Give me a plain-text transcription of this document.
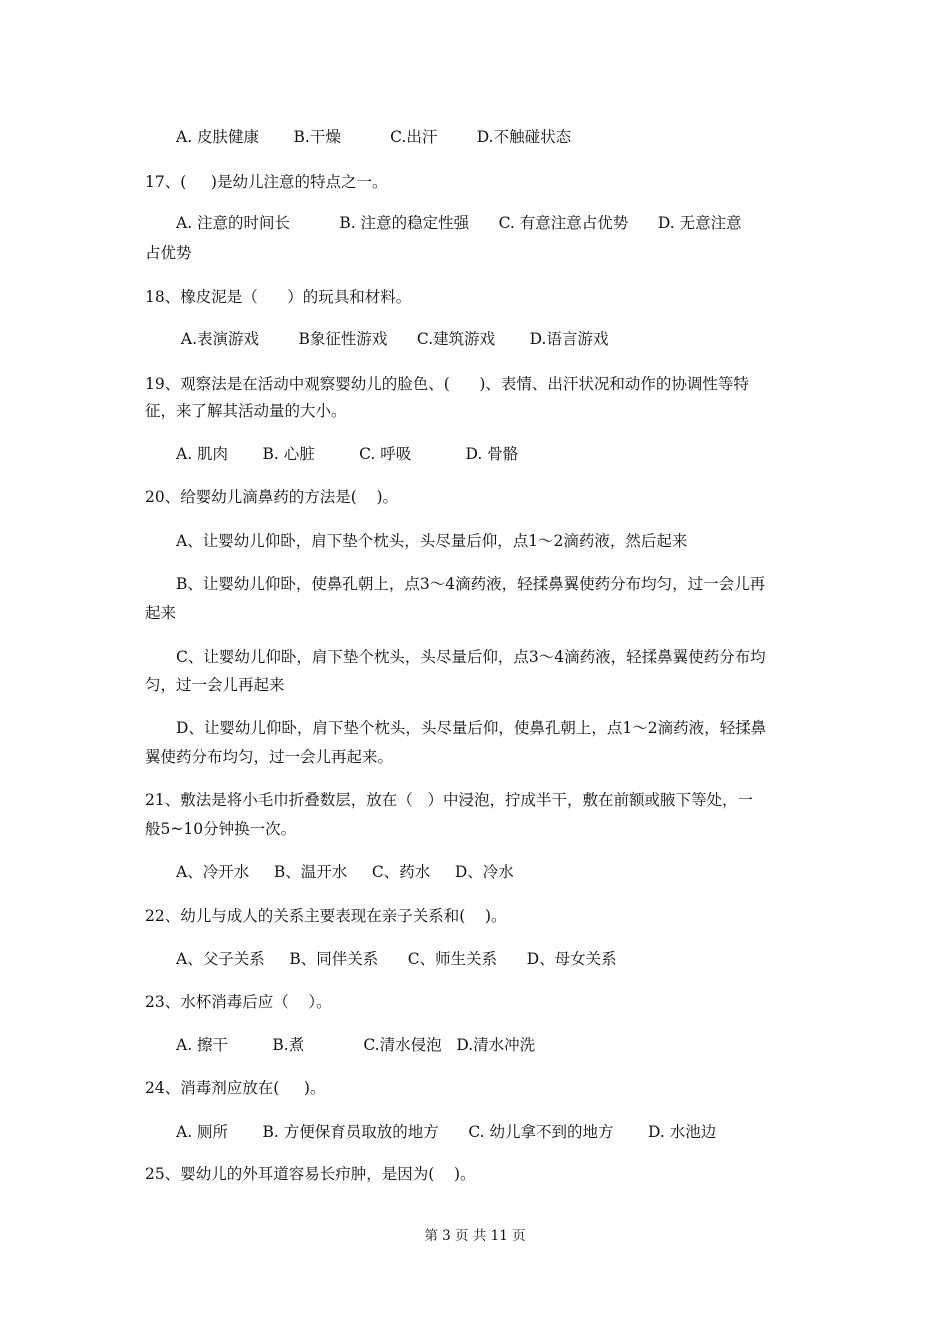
A. 皮肤健康       B.干燥          C.出汗        D.不触碰状态
17、(     )是幼儿注意的特点之一。
A. 注意的时间长          B. 注意的稳定性强      C. 有意注意占优势      D. 无意注意
占优势
18、橡皮泥是（      ）的玩具和材料。
A.表演游戏        B象征性游戏      C.建筑游戏       D.语言游戏
19、观察法是在活动中观察婴幼儿的脸色、(      )、表情、出汗状况和动作的协调性等特
征，来了解其活动量的大小。
A. 肌肉       B. 心脏         C. 呼吸           D. 骨骼
20、给婴幼儿滴鼻药的方法是(    )。
A、让婴幼儿仰卧，肩下垫个枕头，头尽量后仰，点1～2滴药液，然后起来
B、让婴幼儿仰卧，使鼻孔朝上，点3～4滴药液，轻揉鼻翼使药分布均匀，过一会儿再
起来
C、让婴幼儿仰卧，肩下垫个枕头，头尽量后仰，点3～4滴药液，轻揉鼻翼使药分布均
匀，过一会儿再起来
D、让婴幼儿仰卧，肩下垫个枕头，头尽量后仰，使鼻孔朝上，点1～2滴药液，轻揉鼻
翼使药分布均匀，过一会儿再起来。
21、敷法是将小毛巾折叠数层，放在（   ）中浸泡，拧成半干，敷在前额或腋下等处，一
般5~10分钟换一次。
A、冷开水     B、温开水     C、药水     D、冷水
22、幼儿与成人的关系主要表现在亲子关系和(    )。
A、父子关系     B、同伴关系      C、师生关系      D、母女关系
23、水杯消毒后应（    ）。
A. 擦干         B.煮            C.清水侵泡   D.清水冲洗
24、消毒剂应放在(     )。
A. 厕所       B. 方便保育员取放的地方      C. 幼儿拿不到的地方       D. 水池边
25、婴幼儿的外耳道容易长疖肿，是因为(    )。
第 3 页 共 11 页
